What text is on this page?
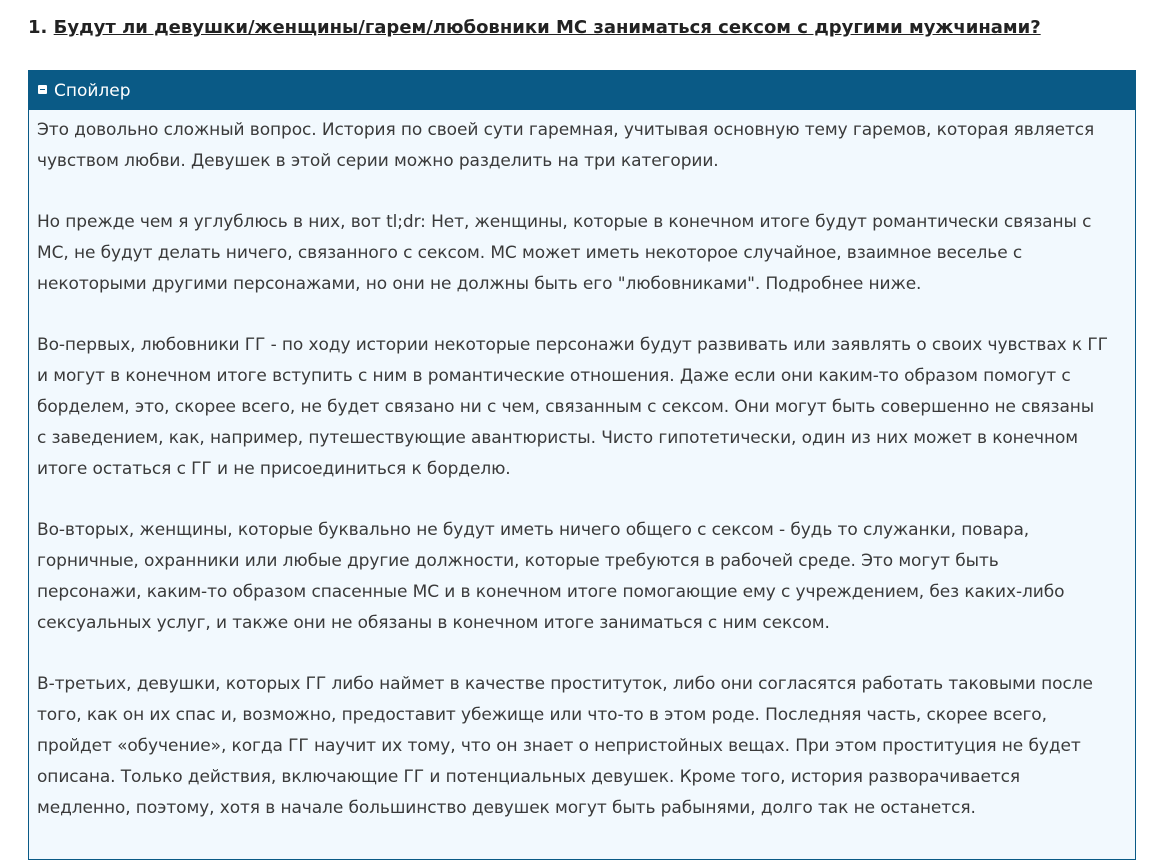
1. Будут ли девушки/женщины/гарем/любовники МС заниматься сексом с другими мужчинами?
Спойлер

Это довольно сложный вопрос. История по своей сути гаремная, учитывая основную тему гаремов, которая является
чувством любви. Девушек в этой серии можно разделить на три категории.

Но прежде чем я углублюсь в них, вот tl;dr: Нет, женщины, которые в конечном итоге будут романтически связаны с
МС, не будут делать ничего, связанного с сексом. МС может иметь некоторое случайное, взаимное веселье с
некоторыми другими персонажами, но они не должны быть его "любовниками". Подробнее ниже.

Во-первых, любовники ГГ - по ходу истории некоторые персонажи будут развивать или заявлять о своих чувствах к ГГ
и могут в конечном итоге вступить с ним в романтические отношения. Даже если они каким-то образом помогут с
борделем, это, скорее всего, не будет связано ни с чем, связанным с сексом. Они могут быть совершенно не связаны
с заведением, как, например, путешествующие авантюристы. Чисто гипотетически, один из них может в конечном
итоге остаться с ГГ и не присоединиться к борделю.

Во-вторых, женщины, которые буквально не будут иметь ничего общего с сексом - будь то служанки, повара,
горничные, охранники или любые другие должности, которые требуются в рабочей среде. Это могут быть
персонажи, каким-то образом спасенные МС и в конечном итоге помогающие ему с учреждением, без каких-либо
сексуальных услуг, и также они не обязаны в конечном итоге заниматься с ним сексом.

В-третьих, девушки, которых ГГ либо наймет в качестве проституток, либо они согласятся работать таковыми после
того, как он их спас и, возможно, предоставит убежище или что-то в этом роде. Последняя часть, скорее всего,
пройдет «обучение», когда ГГ научит их тому, что он знает о непристойных вещах. При этом проституция не будет
описана. Только действия, включающие ГГ и потенциальных девушек. Кроме того, история разворачивается
медленно, поэтому, хотя в начале большинство девушек могут быть рабынями, долго так не останется.
